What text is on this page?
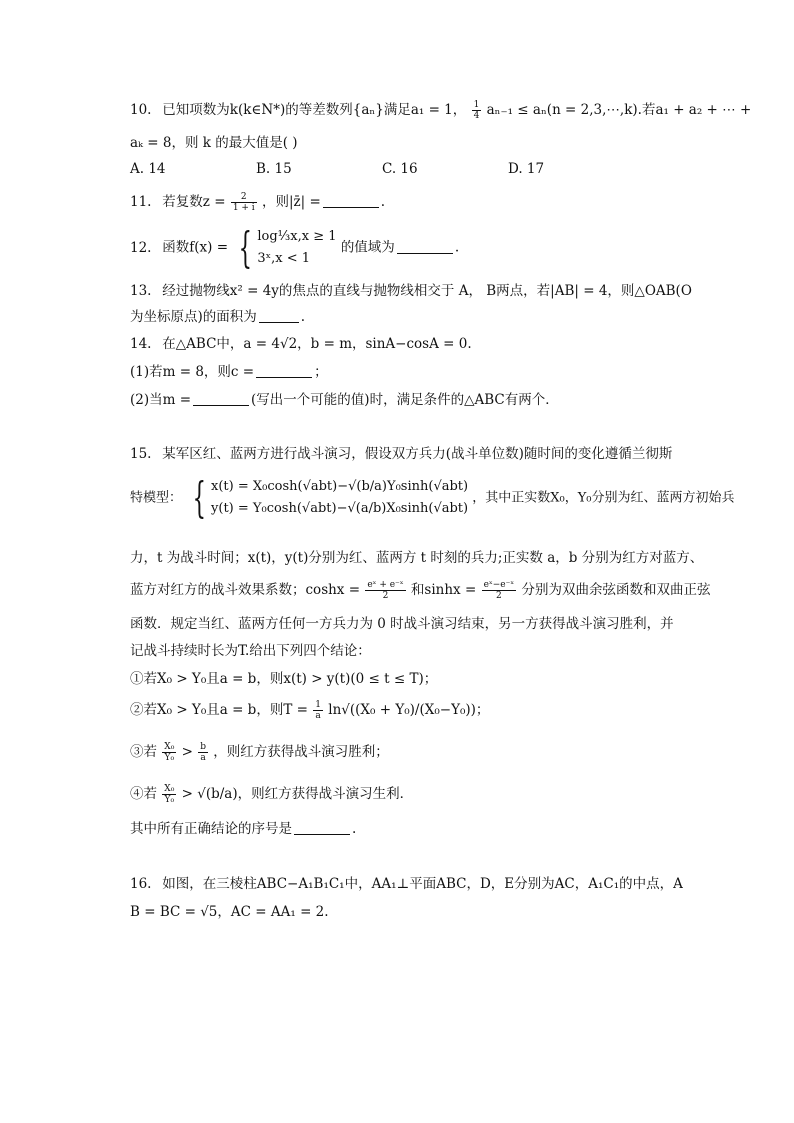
10. 已知项数为k(k∈N*)的等差数列{aₙ}满足a₁ = 1， $\frac{1}{4} a_{n-1} \le a_n(n$ = 2,3,⋯,k).若a₁ + a₂ + ⋯ +
aₖ = 8，则 k 的最大值是( )
A. 14	B. 15	C. 16	D. 17
11. 若复数$z = \frac{2}{1 + i}$ ，则|z̄| =	.
12. 函数f(x) = { log⅓x,x ≥ 1
3ˣ,x < 1
的值域为	.
13. 经过抛物线x² = 4y的焦点的直线与抛物线相交于 A， B两点，若|AB| = 4，则△OAB(O
为坐标原点)的面积为	.
14. 在△ABC中，a = 4√2，b = m，sinA−cosA = 0.
(1)若m = 8，则c =	；
(2)当m =	(写出一个可能的值)时，满足条件的△ABC有两个．
15. 某军区红、蓝两方进行战斗演习，假设双方兵力(战斗单位数)随时间的变化遵循兰彻斯
特模型： { x(t) = X₀cosh(√abt)−√(b/a)Y₀sinh(√abt)
y(t) = Y₀cosh(√abt)−√(a/b)X₀sinh(√abt)
，其中正实数X₀，Y₀分别为红、蓝两方初始兵
力，t 为战斗时间；x(t)，y(t)分别为红、蓝两方 t 时刻的兵力;正实数 a，b 分别为红方对蓝方、
蓝方对红方的战斗效果系数；$\cosh x = \frac{\text{eˣ + e⁻ˣ}}{2}$ 和$\sinh x = \frac{\text{eˣ−e⁻ˣ}}{2}$ 分别为双曲余弦函数和双曲正弦
函数．规定当红、蓝两方任何一方兵力为 0 时战斗演习结束，另一方获得战斗演习胜利，并
记战斗持续时长为T.给出下列四个结论：
①若X₀ > Y₀且a = b，则x(t) > y(t)(0 ≤ t ≤ T)；
②若X₀ > Y₀且a = b，则$T = \frac{1}{a} \ln√((X_0 + Y_0)/(X_0-Y_0))$；
③若 $\frac{\text{X₀}}{\text{Y₀}} > \frac{b}{a}$ ，则红方获得战斗演习胜利；
④若 $\frac{\text{X₀}}{\text{Y₀}} > √(b/a)$，则红方获得战斗演习生利．
其中所有正确结论的序号是	.
16. 如图，在三棱柱ABC−A₁B₁C₁中，AA₁⊥平面ABC，D，E分别为AC，A₁C₁的中点，A
B = BC = √5，AC = AA₁ = 2.
